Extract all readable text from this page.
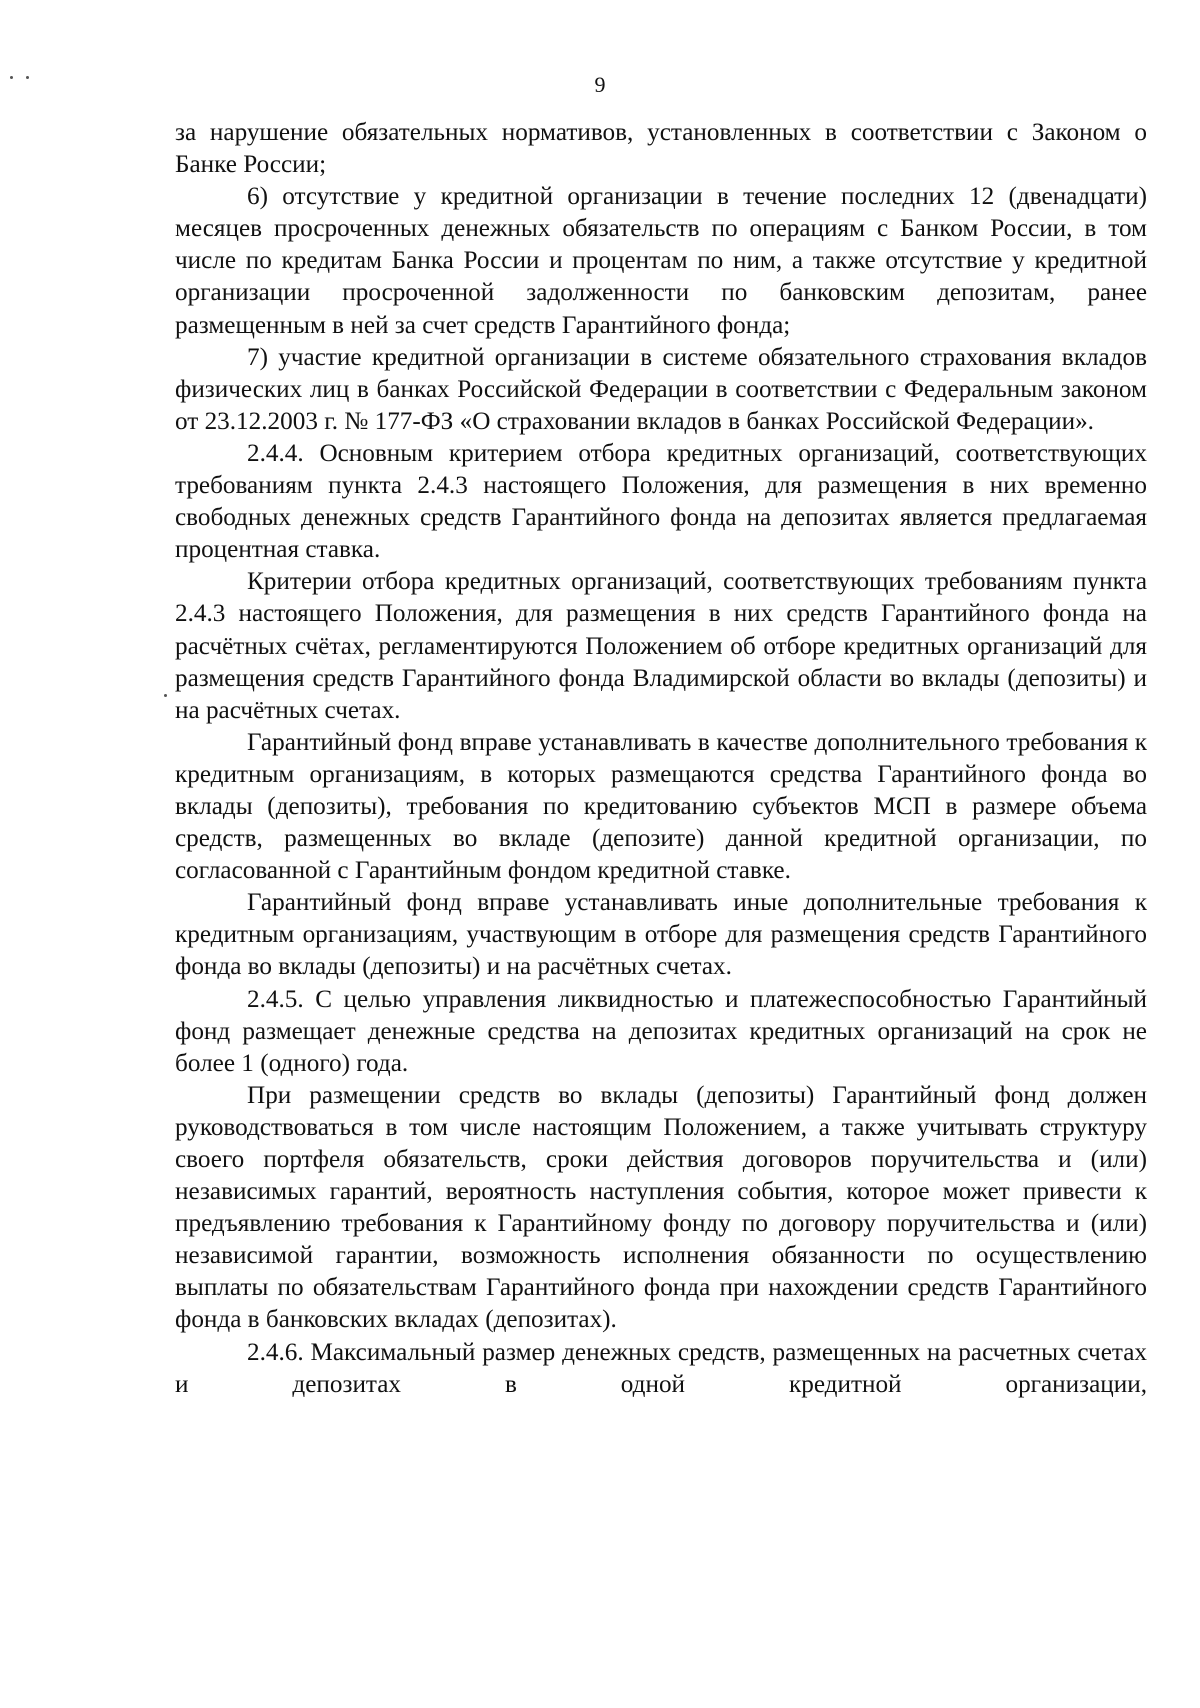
9

за нарушение обязательных нормативов, установленных в соответствии с Законом о Банке России;

6) отсутствие у кредитной организации в течение последних 12 (двенадцати) месяцев просроченных денежных обязательств по операциям с Банком России, в том числе по кредитам Банка России и процентам по ним, а также отсутствие у кредитной организации просроченной задолженности по банковским депозитам, ранее размещенным в ней за счет средств Гарантийного фонда;

7) участие кредитной организации в системе обязательного страхования вкладов физических лиц в банках Российской Федерации в соответствии с Федеральным законом от 23.12.2003 г. № 177-ФЗ «О страховании вкладов в банках Российской Федерации».

2.4.4. Основным критерием отбора кредитных организаций, соответствующих требованиям пункта 2.4.3 настоящего Положения, для размещения в них временно свободных денежных средств Гарантийного фонда на депозитах является предлагаемая процентная ставка.

Критерии отбора кредитных организаций, соответствующих требованиям пункта 2.4.3 настоящего Положения, для размещения в них средств Гарантийного фонда на расчётных счётах, регламентируются Положением об отборе кредитных организаций для размещения средств Гарантийного фонда Владимирской области во вклады (депозиты) и на расчётных счетах.

Гарантийный фонд вправе устанавливать в качестве дополнительного требования к кредитным организациям, в которых размещаются средства Гарантийного фонда во вклады (депозиты), требования по кредитованию субъектов МСП в размере объема средств, размещенных во вкладе (депозите) данной кредитной организации, по согласованной с Гарантийным фондом кредитной ставке.

Гарантийный фонд вправе устанавливать иные дополнительные требования к кредитным организациям, участвующим в отборе для размещения средств Гарантийного фонда во вклады (депозиты) и на расчётных счетах.

2.4.5. С целью управления ликвидностью и платежеспособностью Гарантийный фонд размещает денежные средства на депозитах кредитных организаций на срок не более 1 (одного) года.

При размещении средств во вклады (депозиты) Гарантийный фонд должен руководствоваться в том числе настоящим Положением, а также учитывать структуру своего портфеля обязательств, сроки действия договоров поручительства и (или) независимых гарантий, вероятность наступления события, которое может привести к предъявлению требования к Гарантийному фонду по договору поручительства и (или) независимой гарантии, возможность исполнения обязанности по осуществлению выплаты по обязательствам Гарантийного фонда при нахождении средств Гарантийного фонда в банковских вкладах (депозитах).

2.4.6. Максимальный размер денежных средств, размещенных на расчетных счетах и депозитах в одной кредитной организации,
